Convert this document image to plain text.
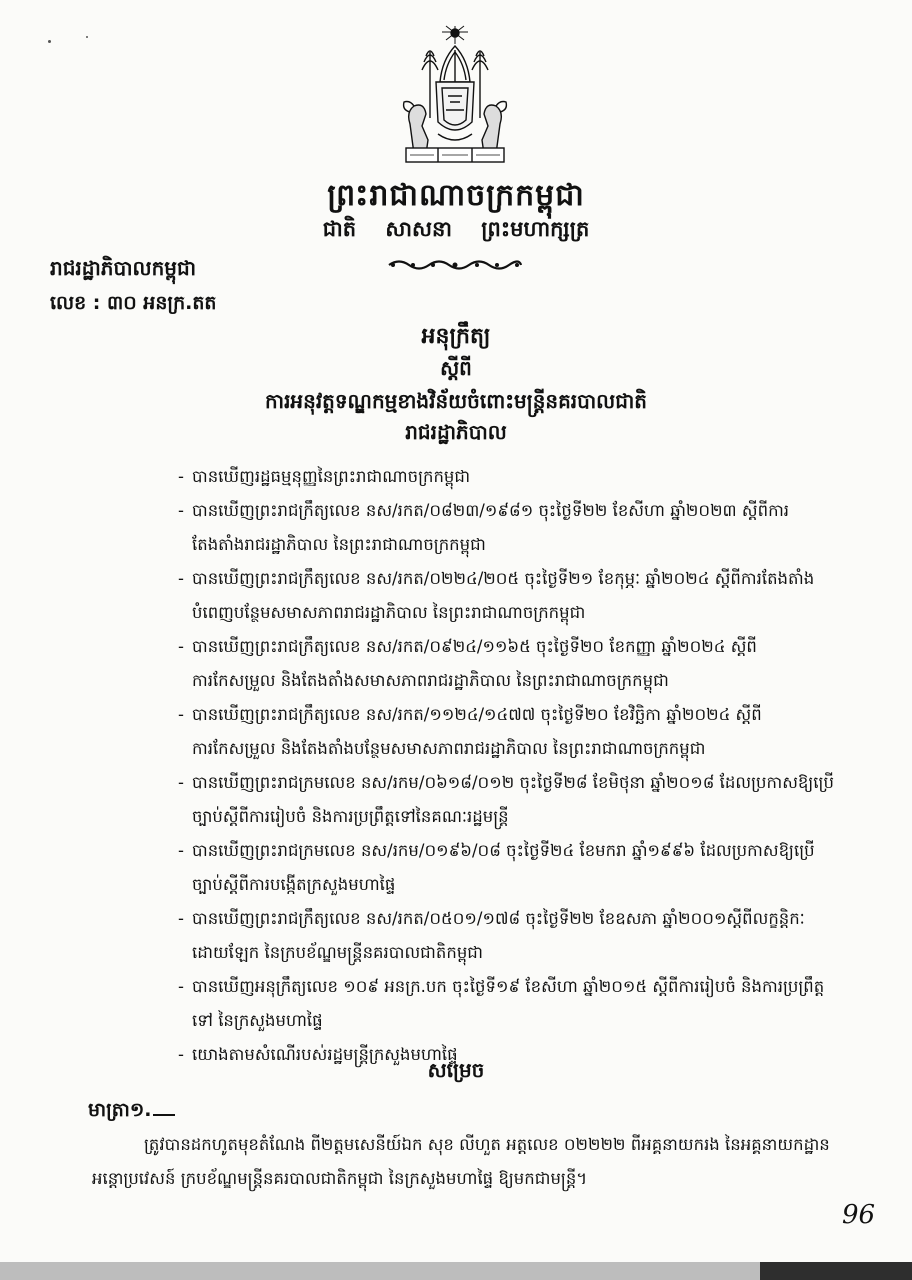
ព្រះរាជាណាចក្រកម្ពុជា
ជាតិ សាសនា ព្រះមហាក្សត្រ
រាជរដ្ឋាភិបាលកម្ពុជា
លេខ : ៣០ អនក្រ.តត
អនុក្រឹត្យ
ស្តីពី
ការអនុវត្តទណ្ឌកម្មខាងវិន័យចំពោះមន្ត្រីនគរបាលជាតិ
រាជរដ្ឋាភិបាល
- បានឃើញរដ្ឋធម្មនុញ្ញនៃព្រះរាជាណាចក្រកម្ពុជា
- បានឃើញព្រះរាជក្រឹត្យលេខ នស/រកត/០៨២៣/១៩៨១ ចុះថ្ងៃទី២២ ខែសីហា ឆ្នាំ២០២៣ ស្តីពីការតែងតាំងរាជរដ្ឋាភិបាល នៃព្រះរាជាណាចក្រកម្ពុជា
- បានឃើញព្រះរាជក្រឹត្យលេខ នស/រកត/០២២៤/២០៥ ចុះថ្ងៃទី២១ ខែកុម្ភៈ ឆ្នាំ២០២៤ ស្តីពីការតែងតាំងបំពេញបន្ថែមសមាសភាពរាជរដ្ឋាភិបាល នៃព្រះរាជាណាចក្រកម្ពុជា
- បានឃើញព្រះរាជក្រឹត្យលេខ នស/រកត/០៩២៤/១១៦៥ ចុះថ្ងៃទី២០ ខែកញ្ញា ឆ្នាំ២០២៤ ស្តីពីការកែសម្រួល និងតែងតាំងសមាសភាពរាជរដ្ឋាភិបាល នៃព្រះរាជាណាចក្រកម្ពុជា
- បានឃើញព្រះរាជក្រឹត្យលេខ នស/រកត/១១២៤/១៤៧៧ ចុះថ្ងៃទី២០ ខែវិច្ឆិកា ឆ្នាំ២០២៤ ស្តីពីការកែសម្រួល និងតែងតាំងបន្ថែមសមាសភាពរាជរដ្ឋាភិបាល នៃព្រះរាជាណាចក្រកម្ពុជា
- បានឃើញព្រះរាជក្រមលេខ នស/រកម/០៦១៨/០១២ ចុះថ្ងៃទី២៨ ខែមិថុនា ឆ្នាំ២០១៨ ដែលប្រកាសឱ្យប្រើច្បាប់ស្តីពីការរៀបចំ និងការប្រព្រឹត្តទៅនៃគណៈរដ្ឋមន្ត្រី
- បានឃើញព្រះរាជក្រមលេខ នស/រកម/០១៩៦/០៨ ចុះថ្ងៃទី២៤ ខែមករា ឆ្នាំ១៩៩៦ ដែលប្រកាសឱ្យប្រើច្បាប់ស្តីពីការបង្កើតក្រសួងមហាផ្ទៃ
- បានឃើញព្រះរាជក្រឹត្យលេខ នស/រកត/០៥០១/១៧៨ ចុះថ្ងៃទី២២ ខែឧសភា ឆ្នាំ២០០១ស្តីពីលក្ខន្តិកៈដោយឡែក នៃក្របខ័ណ្ឌមន្ត្រីនគរបាលជាតិកម្ពុជា
- បានឃើញអនុក្រឹត្យលេខ ១០៩ អនក្រ.បក ចុះថ្ងៃទី១៩ ខែសីហា ឆ្នាំ២០១៥ ស្តីពីការរៀបចំ និងការប្រព្រឹត្តទៅ នៃក្រសួងមហាផ្ទៃ
- យោងតាមសំណើរបស់រដ្ឋមន្ត្រីក្រសួងមហាផ្ទៃ
សម្រេច
មាត្រា១.
ត្រូវបានដកហូតមុខតំណែង ពី២ត្តមសេនីយ៍ឯក សុខ លីហួត អត្តលេខ ០២២២២ ពីអគ្គនាយករង នៃអគ្គនាយកដ្ឋានអន្តោប្រវេសន៍ ក្របខ័ណ្ឌមន្ត្រីនគរបាលជាតិកម្ពុជា នៃក្រសួងមហាផ្ទៃ ឱ្យមកជាមន្ត្រី។
96
